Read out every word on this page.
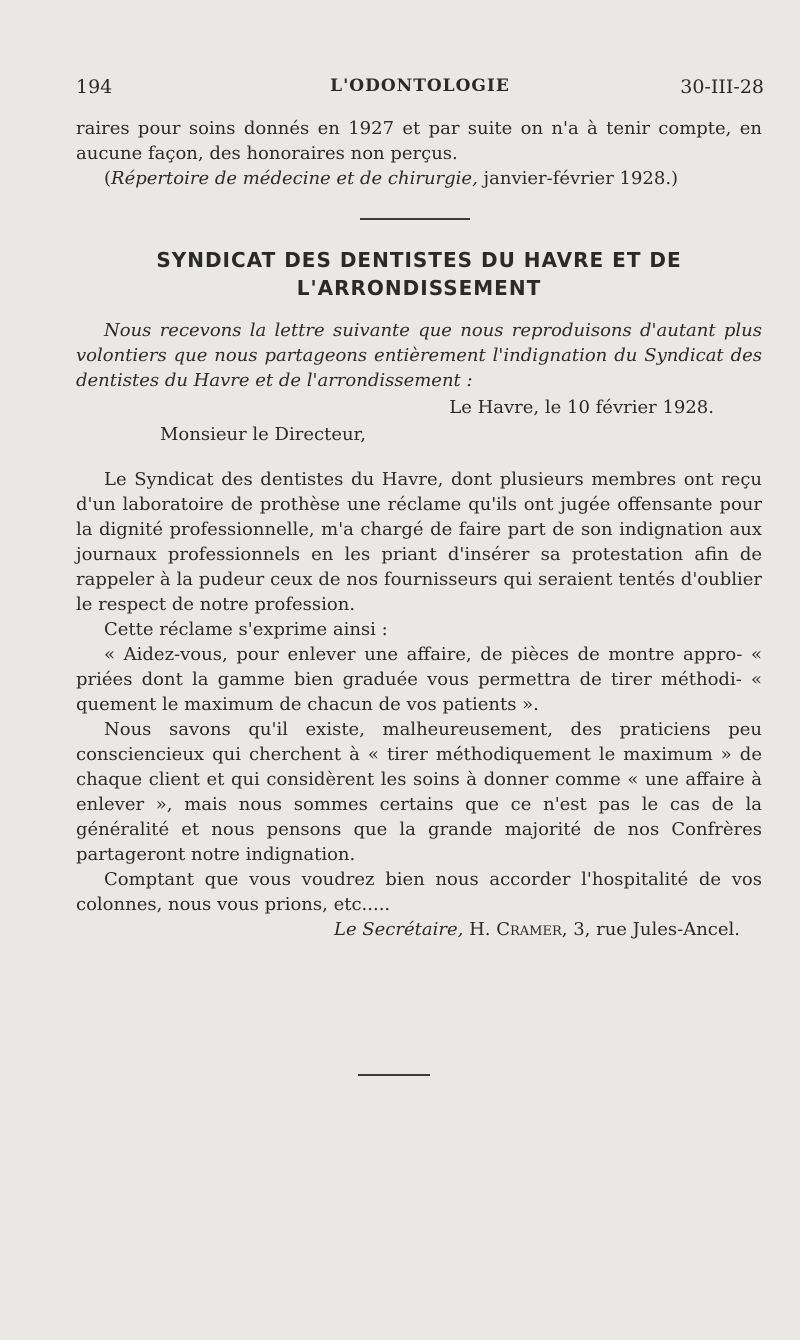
194	L'ODONTOLOGIE	30-III-28

raires pour soins donnés en 1927 et par suite on n'a à tenir compte, en aucune façon, des honoraires non perçus.

(Répertoire de médecine et de chirurgie, janvier-février 1928.)

SYNDICAT DES DENTISTES DU HAVRE ET DE
L'ARRONDISSEMENT

Nous recevons la lettre suivante que nous reproduisons d'autant plus volontiers que nous partageons entièrement l'indignation du Syndicat des dentistes du Havre et de l'arrondissement :

Le Havre, le 10 février 1928.

Monsieur le Directeur,

Le Syndicat des dentistes du Havre, dont plusieurs membres ont reçu d'un laboratoire de prothèse une réclame qu'ils ont jugée offensante pour la dignité professionnelle, m'a chargé de faire part de son indignation aux journaux professionnels en les priant d'insérer sa protestation afin de rappeler à la pudeur ceux de nos fournisseurs qui seraient tentés d'oublier le respect de notre profession.

Cette réclame s'exprime ainsi :

« Aidez-vous, pour enlever une affaire, de pièces de montre appro- « priées dont la gamme bien graduée vous permettra de tirer méthodi- « quement le maximum de chacun de vos patients ».

Nous savons qu'il existe, malheureusement, des praticiens peu consciencieux qui cherchent à « tirer méthodiquement le maximum » de chaque client et qui considèrent les soins à donner comme « une affaire à enlever », mais nous sommes certains que ce n'est pas le cas de la généralité et nous pensons que la grande majorité de nos Confrères partageront notre indignation.

Comptant que vous voudrez bien nous accorder l'hospitalité de vos colonnes, nous vous prions, etc.....

Le Secrétaire, H. Cramer, 3, rue Jules-Ancel.
